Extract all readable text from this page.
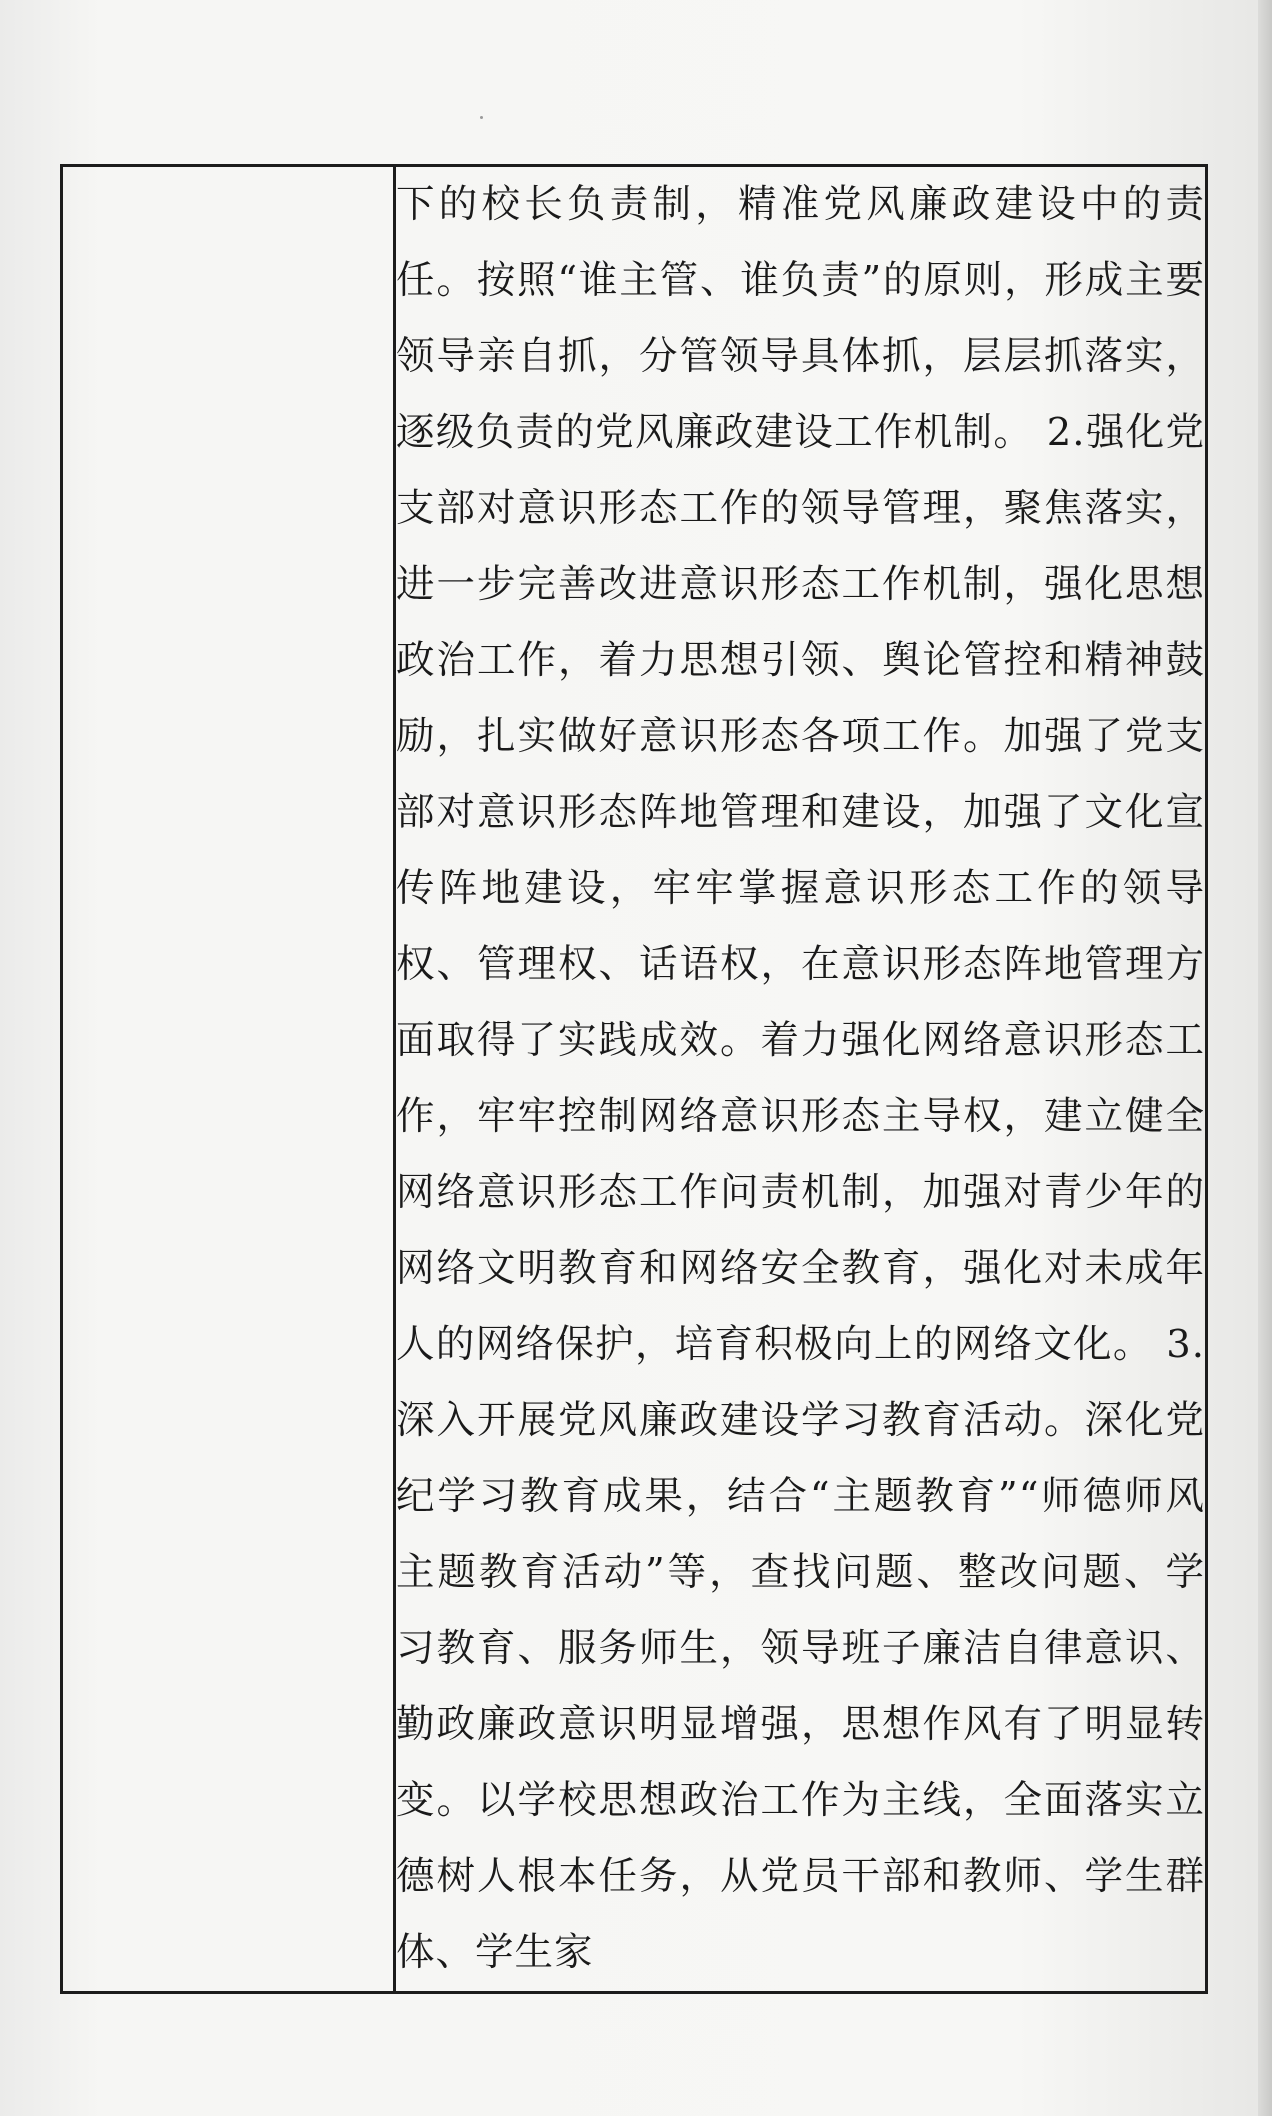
下的校长负责制，精准党风廉政建设中的责任。按照“谁主管、谁负责”的原则，形成主要领导亲自抓，分管领导具体抓，层层抓落实，逐级负责的党风廉政建设工作机制。 2.强化党支部对意识形态工作的领导管理，聚焦落实，进一步完善改进意识形态工作机制，强化思想政治工作，着力思想引领、舆论管控和精神鼓励，扎实做好意识形态各项工作。加强了党支部对意识形态阵地管理和建设，加强了文化宣传阵地建设，牢牢掌握意识形态工作的领导权、管理权、话语权，在意识形态阵地管理方面取得了实践成效。着力强化网络意识形态工作，牢牢控制网络意识形态主导权，建立健全网络意识形态工作问责机制，加强对青少年的网络文明教育和网络安全教育，强化对未成年人的网络保护，培育积极向上的网络文化。 3.深入开展党风廉政建设学习教育活动。深化党纪学习教育成果，结合“主题教育”“师德师风主题教育活动”等，查找问题、整改问题、学习教育、服务师生，领导班子廉洁自律意识、勤政廉政意识明显增强，思想作风有了明显转变。以学校思想政治工作为主线，全面落实立德树人根本任务，从党员干部和教师、学生群体、学生家
